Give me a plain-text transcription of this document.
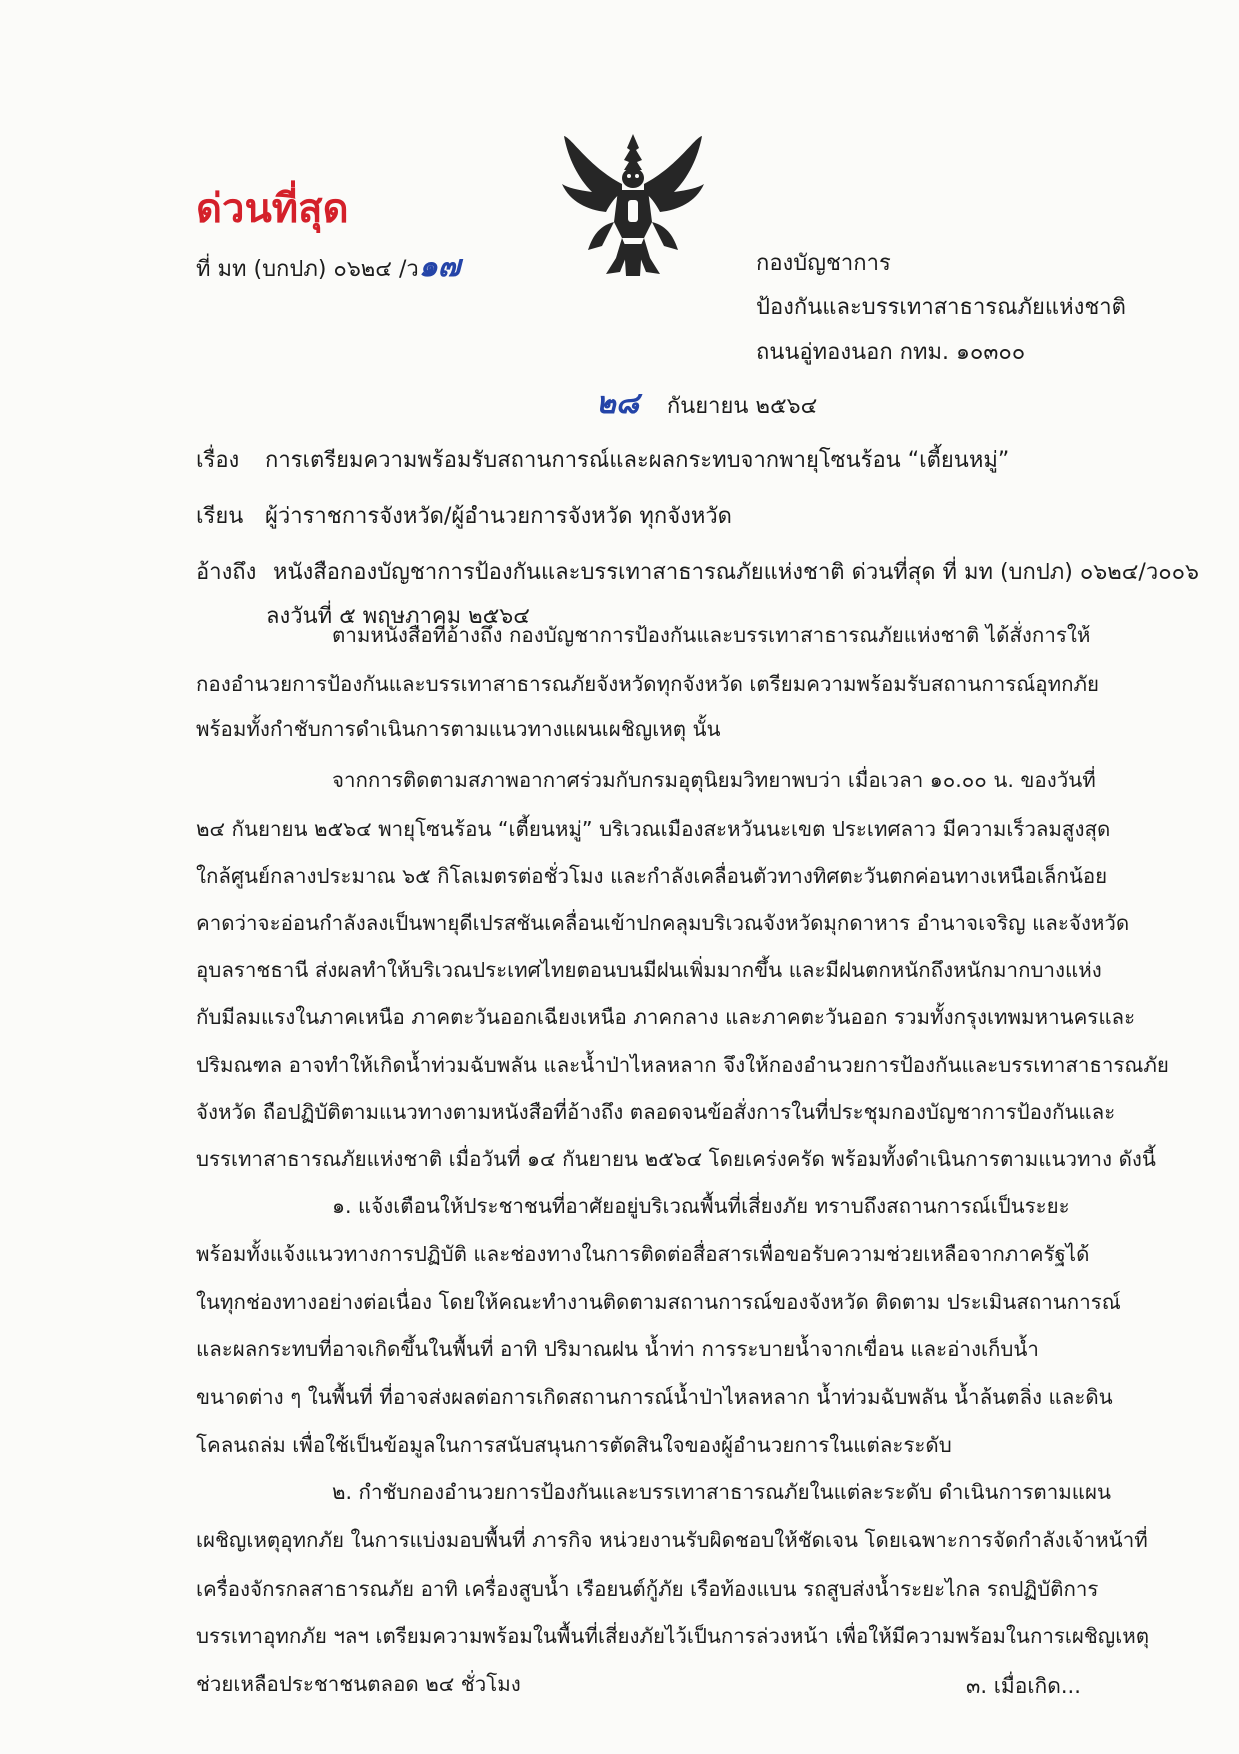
ด่วนที่สุด
ที่ มท (บกปภ) ๐๖๒๔ /ว๑๗	กองบัญชาการ
ป้องกันและบรรเทาสาธารณภัยแห่งชาติ
ถนนอู่ทองนอก กทม. ๑๐๓๐๐
๒๘ กันยายน ๒๕๖๔
เรื่อง การเตรียมความพร้อมรับสถานการณ์และผลกระทบจากพายุโซนร้อน “เตี้ยนหมู่”
เรียน ผู้ว่าราชการจังหวัด/ผู้อำนวยการจังหวัด ทุกจังหวัด
อ้างถึง หนังสือกองบัญชาการป้องกันและบรรเทาสาธารณภัยแห่งชาติ ด่วนที่สุด ที่ มท (บกปภ) ๐๖๒๔/ว๐๐๖
ลงวันที่ ๕ พฤษภาคม ๒๕๖๔
ตามหนังสือที่อ้างถึง กองบัญชาการป้องกันและบรรเทาสาธารณภัยแห่งชาติ ได้สั่งการให้
กองอำนวยการป้องกันและบรรเทาสาธารณภัยจังหวัดทุกจังหวัด เตรียมความพร้อมรับสถานการณ์อุทกภัย
พร้อมทั้งกำชับการดำเนินการตามแนวทางแผนเผชิญเหตุ นั้น
จากการติดตามสภาพอากาศร่วมกับกรมอุตุนิยมวิทยาพบว่า เมื่อเวลา ๑๐.๐๐ น. ของวันที่
๒๔ กันยายน ๒๕๖๔ พายุโซนร้อน “เตี้ยนหมู่” บริเวณเมืองสะหวันนะเขต ประเทศลาว มีความเร็วลมสูงสุด
ใกล้ศูนย์กลางประมาณ ๖๕ กิโลเมตรต่อชั่วโมง และกำลังเคลื่อนตัวทางทิศตะวันตกค่อนทางเหนือเล็กน้อย
คาดว่าจะอ่อนกำลังลงเป็นพายุดีเปรสชันเคลื่อนเข้าปกคลุมบริเวณจังหวัดมุกดาหาร อำนาจเจริญ และจังหวัด
อุบลราชธานี ส่งผลทำให้บริเวณประเทศไทยตอนบนมีฝนเพิ่มมากขึ้น และมีฝนตกหนักถึงหนักมากบางแห่ง
กับมีลมแรงในภาคเหนือ ภาคตะวันออกเฉียงเหนือ ภาคกลาง และภาคตะวันออก รวมทั้งกรุงเทพมหานครและ
ปริมณฑล อาจทำให้เกิดน้ำท่วมฉับพลัน และน้ำป่าไหลหลาก จึงให้กองอำนวยการป้องกันและบรรเทาสาธารณภัย
จังหวัด ถือปฏิบัติตามแนวทางตามหนังสือที่อ้างถึง ตลอดจนข้อสั่งการในที่ประชุมกองบัญชาการป้องกันและ
บรรเทาสาธารณภัยแห่งชาติ เมื่อวันที่ ๑๔ กันยายน ๒๕๖๔ โดยเคร่งครัด พร้อมทั้งดำเนินการตามแนวทาง ดังนี้
๑. แจ้งเตือนให้ประชาชนที่อาศัยอยู่บริเวณพื้นที่เสี่ยงภัย ทราบถึงสถานการณ์เป็นระยะ
พร้อมทั้งแจ้งแนวทางการปฏิบัติ และช่องทางในการติดต่อสื่อสารเพื่อขอรับความช่วยเหลือจากภาครัฐได้
ในทุกช่องทางอย่างต่อเนื่อง โดยให้คณะทำงานติดตามสถานการณ์ของจังหวัด ติดตาม ประเมินสถานการณ์
และผลกระทบที่อาจเกิดขึ้นในพื้นที่ อาทิ ปริมาณฝน น้ำท่า การระบายน้ำจากเขื่อน และอ่างเก็บน้ำ
ขนาดต่าง ๆ ในพื้นที่ ที่อาจส่งผลต่อการเกิดสถานการณ์น้ำป่าไหลหลาก น้ำท่วมฉับพลัน น้ำล้นตลิ่ง และดิน
โคลนถล่ม เพื่อใช้เป็นข้อมูลในการสนับสนุนการตัดสินใจของผู้อำนวยการในแต่ละระดับ
๒. กำชับกองอำนวยการป้องกันและบรรเทาสาธารณภัยในแต่ละระดับ ดำเนินการตามแผน
เผชิญเหตุอุทกภัย ในการแบ่งมอบพื้นที่ ภารกิจ หน่วยงานรับผิดชอบให้ชัดเจน โดยเฉพาะการจัดกำลังเจ้าหน้าที่
เครื่องจักรกลสาธารณภัย อาทิ เครื่องสูบน้ำ เรือยนต์กู้ภัย เรือท้องแบน รถสูบส่งน้ำระยะไกล รถปฏิบัติการ
บรรเทาอุทกภัย ฯลฯ เตรียมความพร้อมในพื้นที่เสี่ยงภัยไว้เป็นการล่วงหน้า เพื่อให้มีความพร้อมในการเผชิญเหตุ
ช่วยเหลือประชาชนตลอด ๒๔ ชั่วโมง	๓. เมื่อเกิด...
